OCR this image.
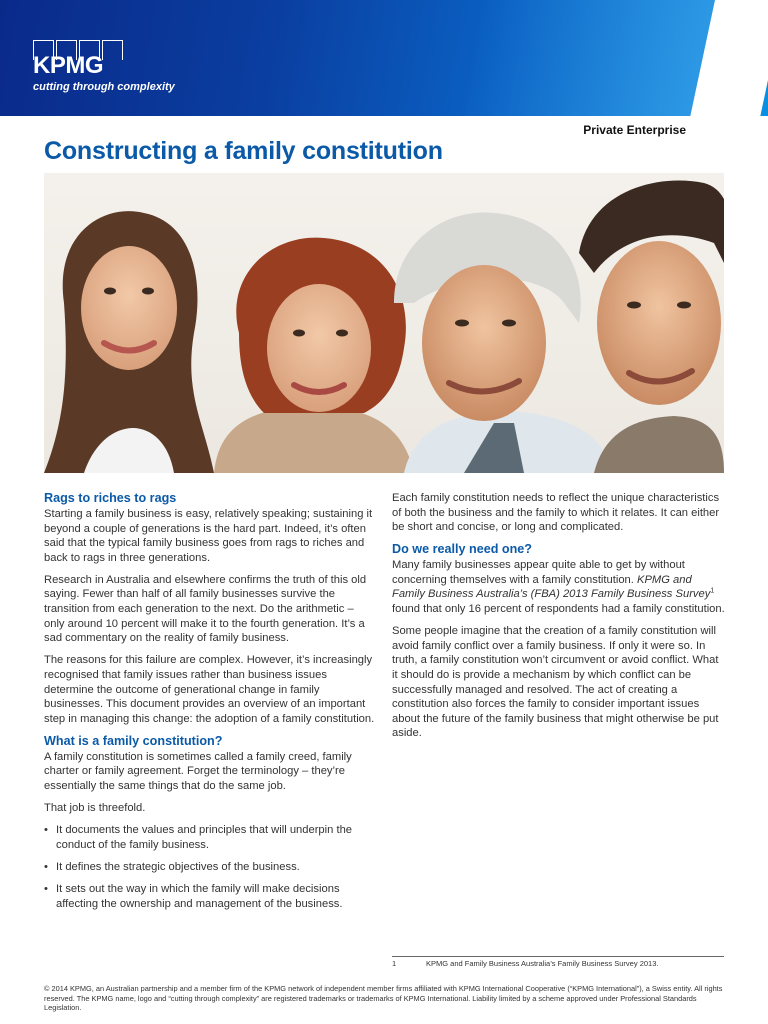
KPMG
cutting through complexity
Private Enterprise
Constructing a family constitution
Rags to riches to rags

Starting a family business is easy, relatively speaking; sustaining it beyond a couple of generations is the hard part. Indeed, it’s often said that the typical family business goes from rags to riches and back to rags in three generations.

Research in Australia and elsewhere confirms the truth of this old saying. Fewer than half of all family businesses survive the transition from each generation to the next. Do the arithmetic – only around 10 percent will make it to the fourth generation. It’s a sad commentary on the reality of family business.

The reasons for this failure are complex. However, it’s increasingly recognised that family issues rather than business issues determine the outcome of generational change in family businesses. This document provides an overview of an important step in managing this change: the adoption of a family constitution.

What is a family constitution?

A family constitution is sometimes called a family creed, family charter or family agreement. Forget the terminology – they’re essentially the same things that do the same job.

That job is threefold.

• It documents the values and principles that will underpin the conduct of the family business.
• It defines the strategic objectives of the business.
• It sets out the way in which the family will make decisions affecting the ownership and management of the business.

Each family constitution needs to reflect the unique characteristics of both the business and the family to which it relates. It can either be short and concise, or long and complicated.

Do we really need one?

Many family businesses appear quite able to get by without concerning themselves with a family constitution. KPMG and Family Business Australia’s (FBA) 2013 Family Business Survey$^1$ found that only 16 percent of respondents had a family constitution.

Some people imagine that the creation of a family constitution will avoid family conflict over a family business. If only it were so. In truth, a family constitution won’t circumvent or avoid conflict. What it should do is provide a mechanism by which conflict can be successfully managed and resolved. The act of creating a constitution also forces the family to consider important issues about the future of the family business that might otherwise be put aside.

1	KPMG and Family Business Australia’s Family Business Survey 2013.
© 2014 KPMG, an Australian partnership and a member firm of the KPMG network of independent member firms affiliated with KPMG International Cooperative (“KPMG International”), a Swiss entity. All rights reserved. The KPMG name, logo and “cutting through complexity” are registered trademarks or trademarks of KPMG International. Liability limited by a scheme approved under Professional Standards Legislation.
